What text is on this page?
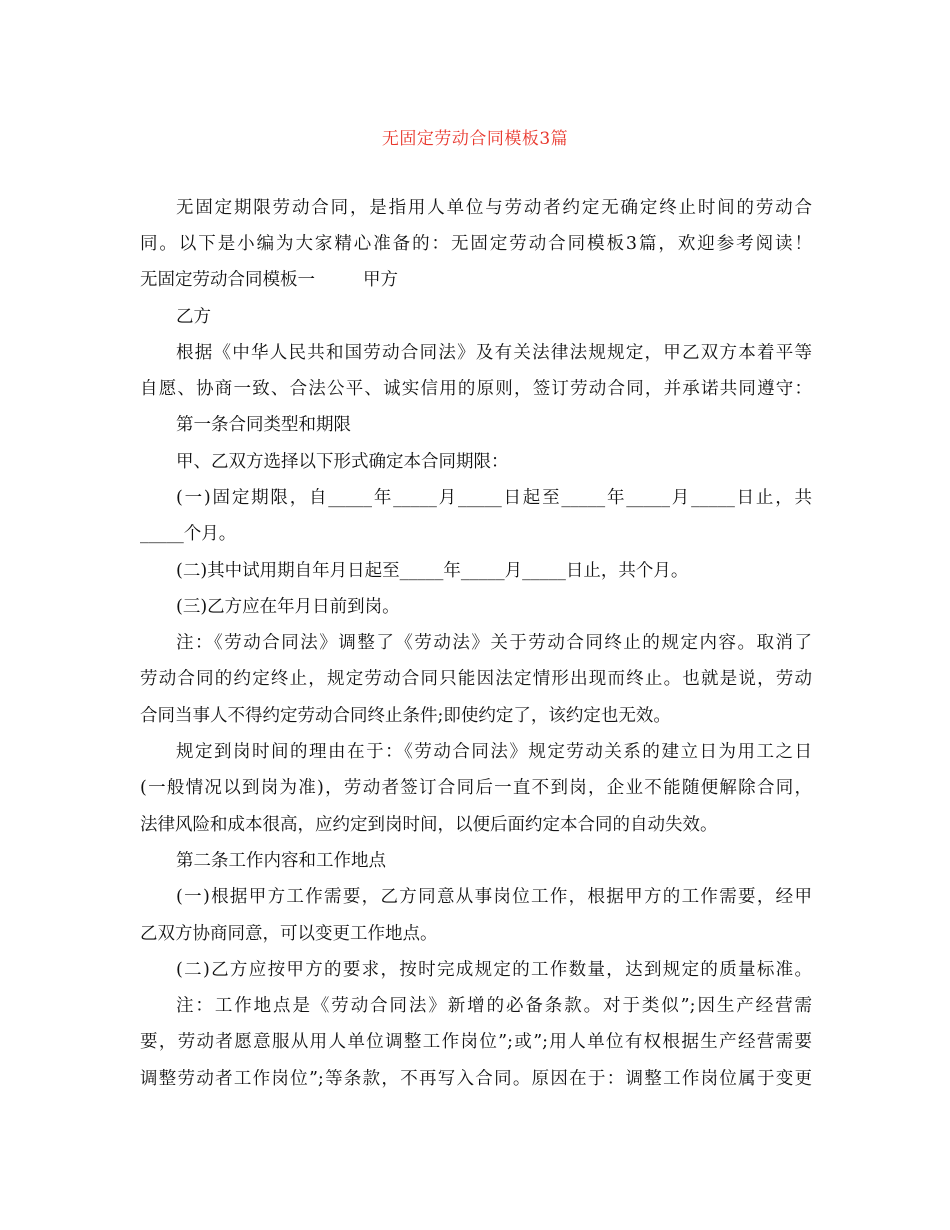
无固定劳动合同模板3篇
无固定期限劳动合同，是指用人单位与劳动者约定无确定终止时间的劳动合
同。以下是小编为大家精心准备的：无固定劳动合同模板3篇，欢迎参考阅读！
无固定劳动合同模板一	甲方
乙方
根据《中华人民共和国劳动合同法》及有关法律法规规定，甲乙双方本着平等
自愿、协商一致、合法公平、诚实信用的原则，签订劳动合同，并承诺共同遵守：
第一条合同类型和期限
甲、乙双方选择以下形式确定本合同期限：
(一)固定期限，自_____年_____月_____日起至_____年_____月_____日止，共
_____个月。
(二)其中试用期自年月日起至_____年_____月_____日止，共个月。
(三)乙方应在年月日前到岗。
注：《劳动合同法》调整了《劳动法》关于劳动合同终止的规定内容。取消了
劳动合同的约定终止，规定劳动合同只能因法定情形出现而终止。也就是说，劳动
合同当事人不得约定劳动合同终止条件;即使约定了，该约定也无效。
规定到岗时间的理由在于：《劳动合同法》规定劳动关系的建立日为用工之日
(一般情况以到岗为准)，劳动者签订合同后一直不到岗，企业不能随便解除合同，
法律风险和成本很高，应约定到岗时间，以便后面约定本合同的自动失效。
第二条工作内容和工作地点
(一)根据甲方工作需要，乙方同意从事岗位工作，根据甲方的工作需要，经甲
乙双方协商同意，可以变更工作地点。
(二)乙方应按甲方的要求，按时完成规定的工作数量，达到规定的质量标准。
注：工作地点是《劳动合同法》新增的必备条款。对于类似”;因生产经营需
要，劳动者愿意服从用人单位调整工作岗位”;或”;用人单位有权根据生产经营需要
调整劳动者工作岗位”;等条款，不再写入合同。原因在于：调整工作岗位属于变更
